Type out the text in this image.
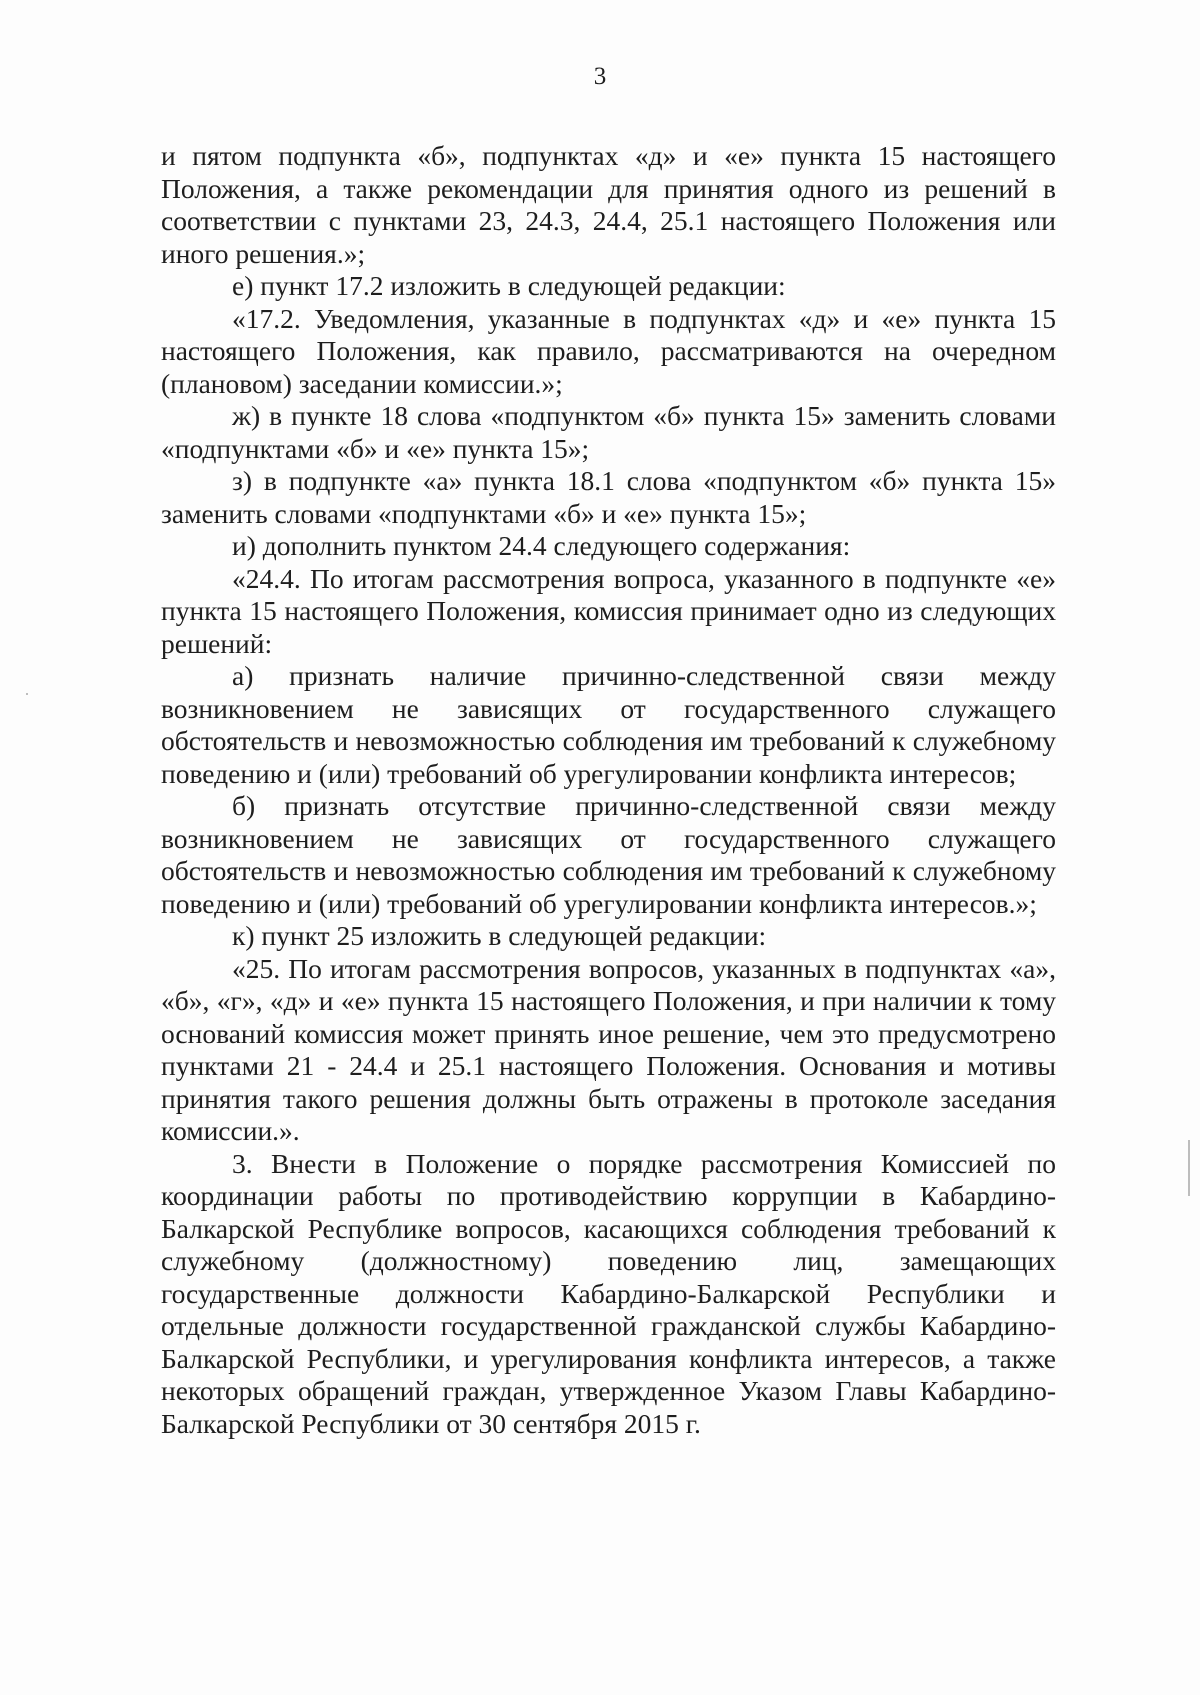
3

и пятом подпункта «б», подпунктах «д» и «е» пункта 15 настоящего Положения, а также рекомендации для принятия одного из решений в соответствии с пунктами 23, 24.3, 24.4, 25.1 настоящего Положения или иного решения.»;

е) пункт 17.2 изложить в следующей редакции:

«17.2. Уведомления, указанные в подпунктах «д» и «е» пункта 15 настоящего Положения, как правило, рассматриваются на очередном (плановом) заседании комиссии.»;

ж) в пункте 18 слова «подпунктом «б» пункта 15» заменить словами «подпунктами «б» и «е» пункта 15»;

з) в подпункте «а» пункта 18.1 слова «подпунктом «б» пункта 15» заменить словами «подпунктами «б» и «е» пункта 15»;

и) дополнить пунктом 24.4 следующего содержания:

«24.4. По итогам рассмотрения вопроса, указанного в подпункте «е» пункта 15 настоящего Положения, комиссия принимает одно из следующих решений:

а) признать наличие причинно-следственной связи между возникновением не зависящих от государственного служащего обстоятельств и невозможностью соблюдения им требований к служебному поведению и (или) требований об урегулировании конфликта интересов;

б) признать отсутствие причинно-следственной связи между возникновением не зависящих от государственного служащего обстоятельств и невозможностью соблюдения им требований к служебному поведению и (или) требований об урегулировании конфликта интересов.»;

к) пункт 25 изложить в следующей редакции:

«25. По итогам рассмотрения вопросов, указанных в подпунктах «а», «б», «г», «д» и «е» пункта 15 настоящего Положения, и при наличии к тому оснований комиссия может принять иное решение, чем это предусмотрено пунктами 21 - 24.4 и 25.1 настоящего Положения. Основания и мотивы принятия такого решения должны быть отражены в протоколе заседания комиссии.».

3. Внести в Положение о порядке рассмотрения Комиссией по координации работы по противодействию коррупции в Кабардино-Балкарской Республике вопросов, касающихся соблюдения требований к служебному (должностному) поведению лиц, замещающих государственные должности Кабардино-Балкарской Республики и отдельные должности государственной гражданской службы Кабардино-Балкарской Республики, и урегулирования конфликта интересов, а также некоторых обращений граждан, утвержденное Указом Главы Кабардино-Балкарской Республики от 30 сентября 2015 г.
